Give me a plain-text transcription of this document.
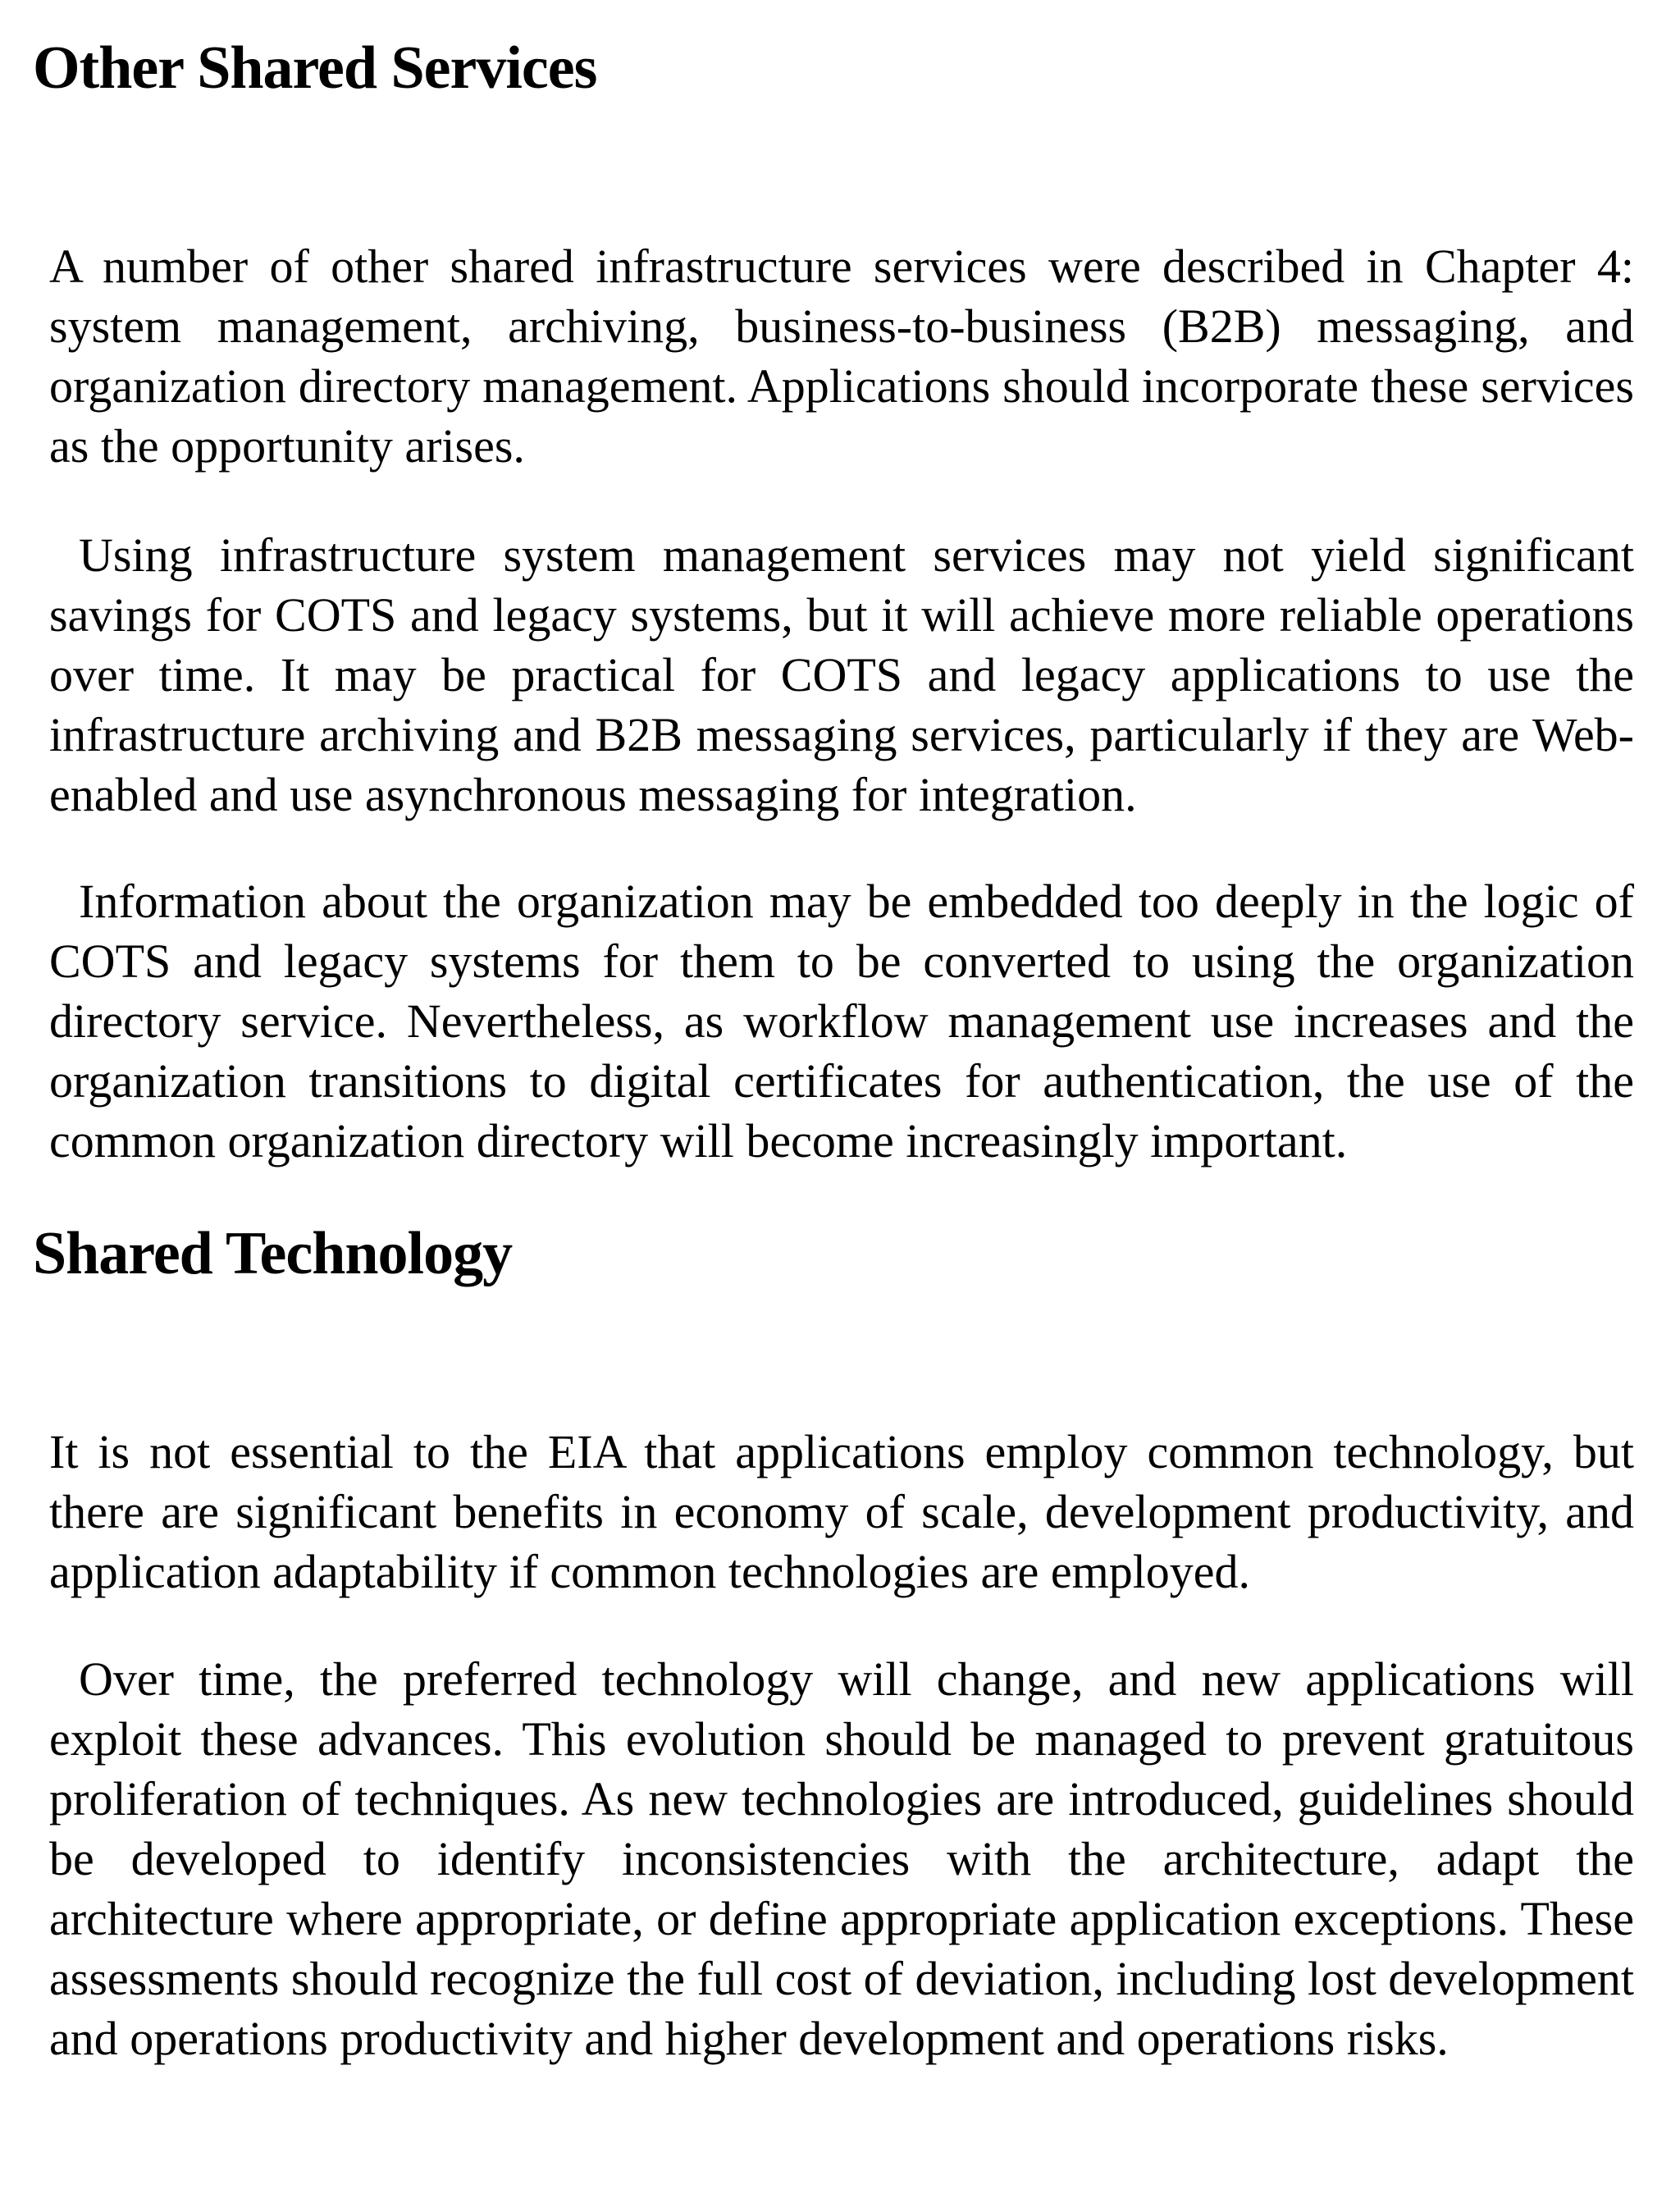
Other Shared Services

A number of other shared infrastructure services were described in Chapter 4: system management, archiving, business-to-business (B2B) messaging, and organization directory management. Applications should incorporate these services as the opportunity arises.

Using infrastructure system management services may not yield significant savings for COTS and legacy systems, but it will achieve more reliable operations over time. It may be practical for COTS and legacy applications to use the infrastructure archiving and B2B messaging services, particularly if they are Web-enabled and use asynchronous messaging for integration.

Information about the organization may be embedded too deeply in the logic of COTS and legacy systems for them to be converted to using the organization directory service. Nevertheless, as workflow management use increases and the organization transitions to digital certificates for authentication, the use of the common organization directory will become increasingly important.

Shared Technology

It is not essential to the EIA that applications employ common technology, but there are significant benefits in economy of scale, development productivity, and application adaptability if common technologies are employed.

Over time, the preferred technology will change, and new applications will exploit these advances. This evolution should be managed to prevent gratuitous proliferation of techniques. As new technologies are introduced, guidelines should be developed to identify inconsistencies with the architecture, adapt the architecture where appropriate, or define appropriate application exceptions. These assessments should recognize the full cost of deviation, including lost development and operations productivity and higher development and operations risks.
